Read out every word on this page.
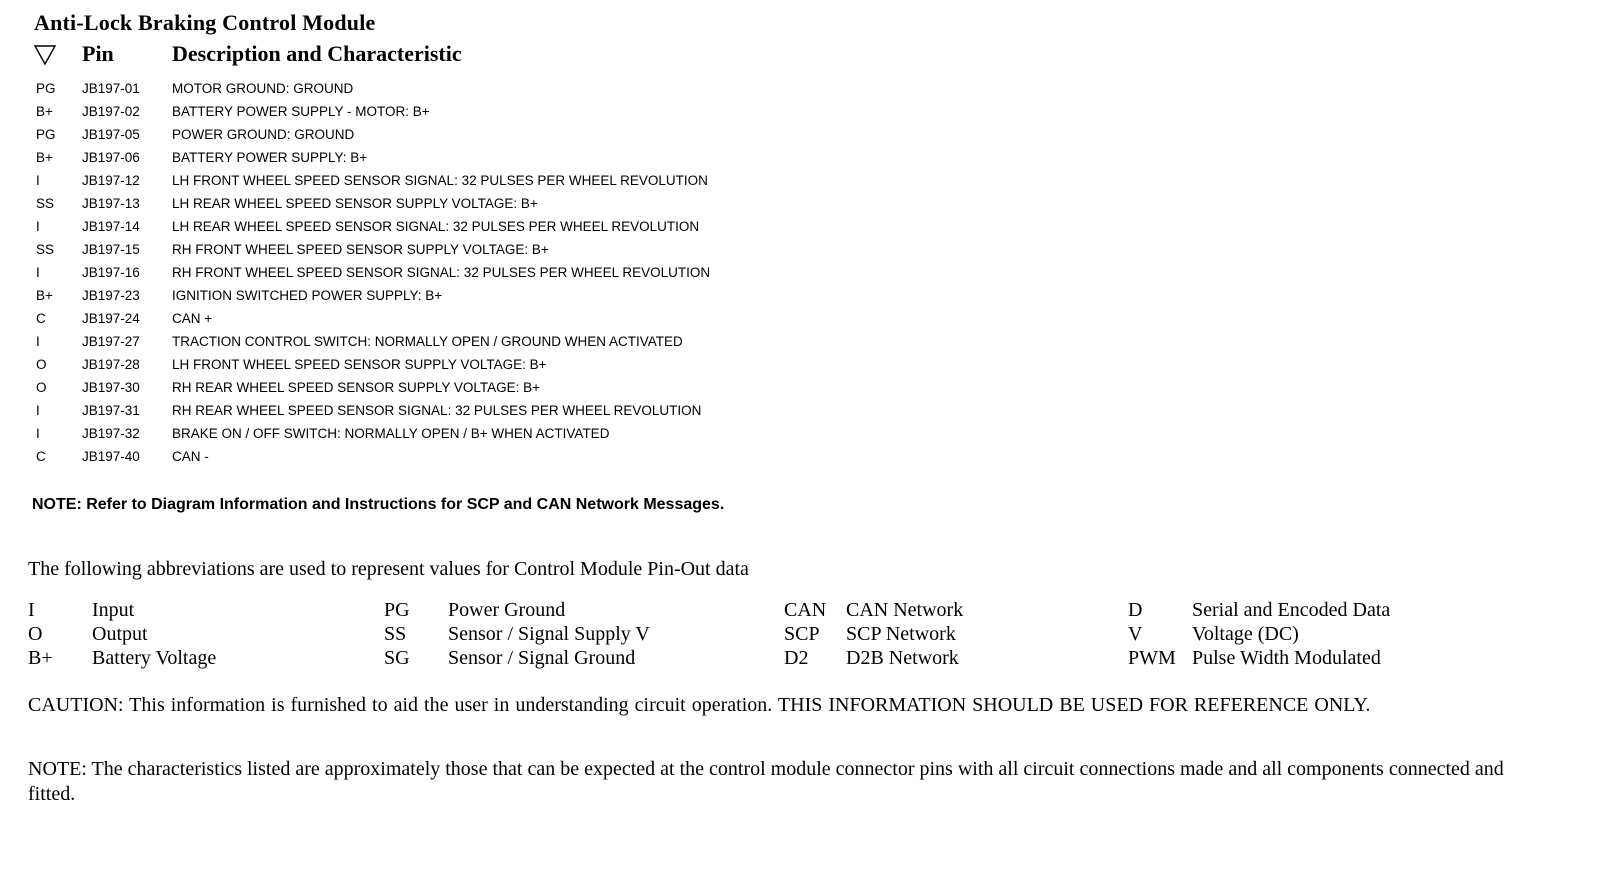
Anti-Lock Braking Control Module
Pin	Description and Characteristic
PG JB197-01 MOTOR GROUND: GROUND
B+ JB197-02 BATTERY POWER SUPPLY - MOTOR: B+
PG JB197-05 POWER GROUND: GROUND
B+ JB197-06 BATTERY POWER SUPPLY: B+
I	JB197-12 LH FRONT WHEEL SPEED SENSOR SIGNAL: 32 PULSES PER WHEEL REVOLUTION
SS JB197-13 LH REAR WHEEL SPEED SENSOR SUPPLY VOLTAGE: B+
I	JB197-14 LH REAR WHEEL SPEED SENSOR SIGNAL: 32 PULSES PER WHEEL REVOLUTION
SS JB197-15 RH FRONT WHEEL SPEED SENSOR SUPPLY VOLTAGE: B+
I	JB197-16 RH FRONT WHEEL SPEED SENSOR SIGNAL: 32 PULSES PER WHEEL REVOLUTION
B+ JB197-23 IGNITION SWITCHED POWER SUPPLY: B+
C	JB197-24 CAN +
I	JB197-27 TRACTION CONTROL SWITCH: NORMALLY OPEN / GROUND WHEN ACTIVATED
O	JB197-28 LH FRONT WHEEL SPEED SENSOR SUPPLY VOLTAGE: B+
O	JB197-30 RH REAR WHEEL SPEED SENSOR SUPPLY VOLTAGE: B+
I	JB197-31 RH REAR WHEEL SPEED SENSOR SIGNAL: 32 PULSES PER WHEEL REVOLUTION
I	JB197-32 BRAKE ON / OFF SWITCH: NORMALLY OPEN / B+ WHEN ACTIVATED
C	JB197-40 CAN -
NOTE: Refer to Diagram Information and Instructions for SCP and CAN Network Messages.
The following abbreviations are used to represent values for Control Module Pin-Out data
I	Input	PG Power Ground	CAN CAN Network	D Serial and Encoded Data
O Output	SS Sensor / Signal Supply V	SCP SCP Network	V Voltage (DC)
B+ Battery Voltage	SG Sensor / Signal Ground	D2 D2B Network	PWM Pulse Width Modulated
CAUTION: This information is furnished to aid the user in understanding circuit operation. THIS INFORMATION SHOULD BE USED FOR REFERENCE ONLY.
NOTE: The characteristics listed are approximately those that can be expected at the control module connector pins with all circuit connections made and all components connected and fitted.
